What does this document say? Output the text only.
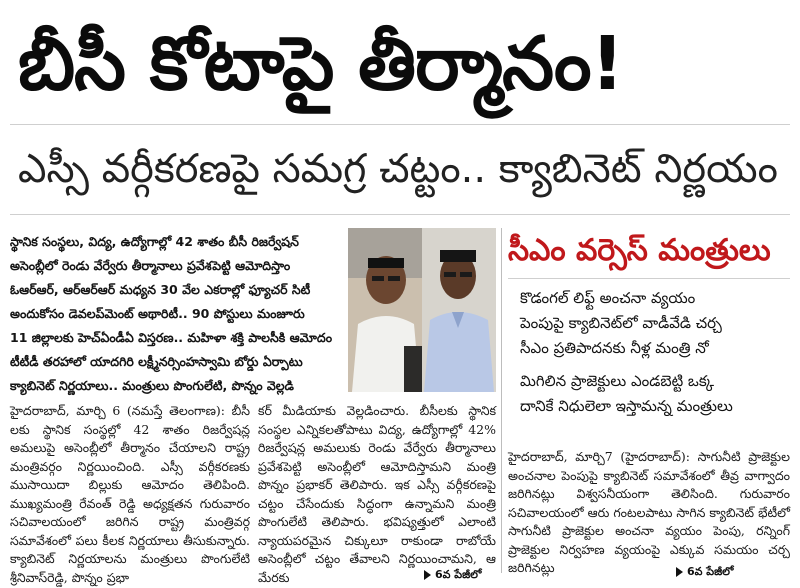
బీసీ కోటాపై తీర్మానం!
ఎస్సీ వర్గీకరణపై సమగ్ర చట్టం.. క్యాబినెట్ నిర్ణయం
స్థానిక సంస్థలు, విద్య, ఉద్యోగాల్లో 42 శాతం బీసీ రిజర్వేషన్
అసెంబ్లీలో రెండు వేర్వేరు తీర్మానాలు ప్రవేశపెట్టి ఆమోదిస్తాం
ఓఆర్ఆర్, ఆర్ఆర్ఆర్ మధ్యన 30 వేల ఎకరాల్లో ఫ్యూచర్ సిటీ
అందుకోసం డెవలప్‌మెంట్ అథారిటీ.. 90 పోస్టులు మంజూరు
11 జిల్లాలకు హెచ్‌ఏండీఏ విస్తరణ.. మహిళా శక్తి పాలసీకి ఆమోదం
టీటీడీ తరహాలో యాదగిరి లక్ష్మీనర్సింహస్వామి బోర్డు ఏర్పాటు
క్యాబినెట్ నిర్ణయాలు.. మంత్రులు పొంగులేటి, పొన్నం వెల్లడి
సీఎం వర్సెస్ మంత్రులు
కొడంగల్ లిఫ్ట్ అంచనా వ్యయం
పెంపుపై క్యాబినెట్‌లో వాడీవేడి చర్చ
సీఎం ప్రతిపాదనకు నీళ్ల మంత్రి నో
మిగిలిన ప్రాజెక్టులు ఎండబెట్టి ఒక్క
దానికే నిధులెలా ఇస్తామన్న మంత్రులు
హైదరాబాద్, మార్చి 6 (నమస్తే తెలంగాణ): బీసీ లకు స్థానిక సంస్థల్లో 42 శాతం రిజర్వేషన్ల అమలుపై అసెంబ్లీలో తీర్మానం చేయాలని రాష్ట్ర మంత్రివర్గం నిర్ణయించింది. ఎస్సీ వర్గీకరణకు ముసాయిదా బిల్లుకు ఆమోదం తెలిపింది. ముఖ్యమంత్రి రేవంత్ రెడ్డి అధ్యక్షతన గురువారం సచివాలయంలో జరిగిన రాష్ట్ర మంత్రివర్గ సమావేశంలో పలు కీలక నిర్ణయాలు తీసుకున్నారు. క్యాబినెట్ నిర్ణయాలను మంత్రులు పొంగులేటి శ్రీనివాస్‌రెడ్డి, పొన్నం ప్రభా
కర్ మీడియాకు వెల్లడించారు. బీసీలకు స్థానిక సంస్థల ఎన్నికలతోపాటు విద్య, ఉద్యోగాల్లో 42% రిజర్వేషన్ల అమలుకు రెండు వేర్వేరు తీర్మానాలు ప్రవేశపెట్టి అసెంబ్లీలో ఆమోదిస్తామని మంత్రి పొన్నం ప్రభాకర్ తెలిపారు. ఇక ఎస్సీ వర్గీకరణపై చట్టం చేసేందుకు సిద్ధంగా ఉన్నామని మంత్రి పొంగులేటి తెలిపారు. భవిష్యత్తులో ఎలాంటి న్యాయపరమైన చిక్కులూ రాకుండా రాబోయే అసెంబ్లీలో చట్టం తేవాలని నిర్ణయించామని, ఆ మేరకు	6వ పేజీలో
హైదరాబాద్, మార్చి7 (హైదరాబాద్): సాగునీటి ప్రాజెక్టుల అంచనాల పెంపుపై క్యాబినెట్ సమావేశంలో తీవ్ర వాగ్వాదం జరిగినట్లు విశ్వసనీయంగా తెలిసింది. గురువారం సచివాలయంలో ఆరు గంటలపాటు సాగిన క్యాబినెట్ భేటీలో సాగునీటి ప్రాజెక్టుల అంచనా వ్యయం పెంపు, రన్నింగ్ ప్రాజెక్టుల నిర్వహణ వ్యయంపై ఎక్కువ సమయం చర్చ జరిగినట్లు	6వ పేజీలో
